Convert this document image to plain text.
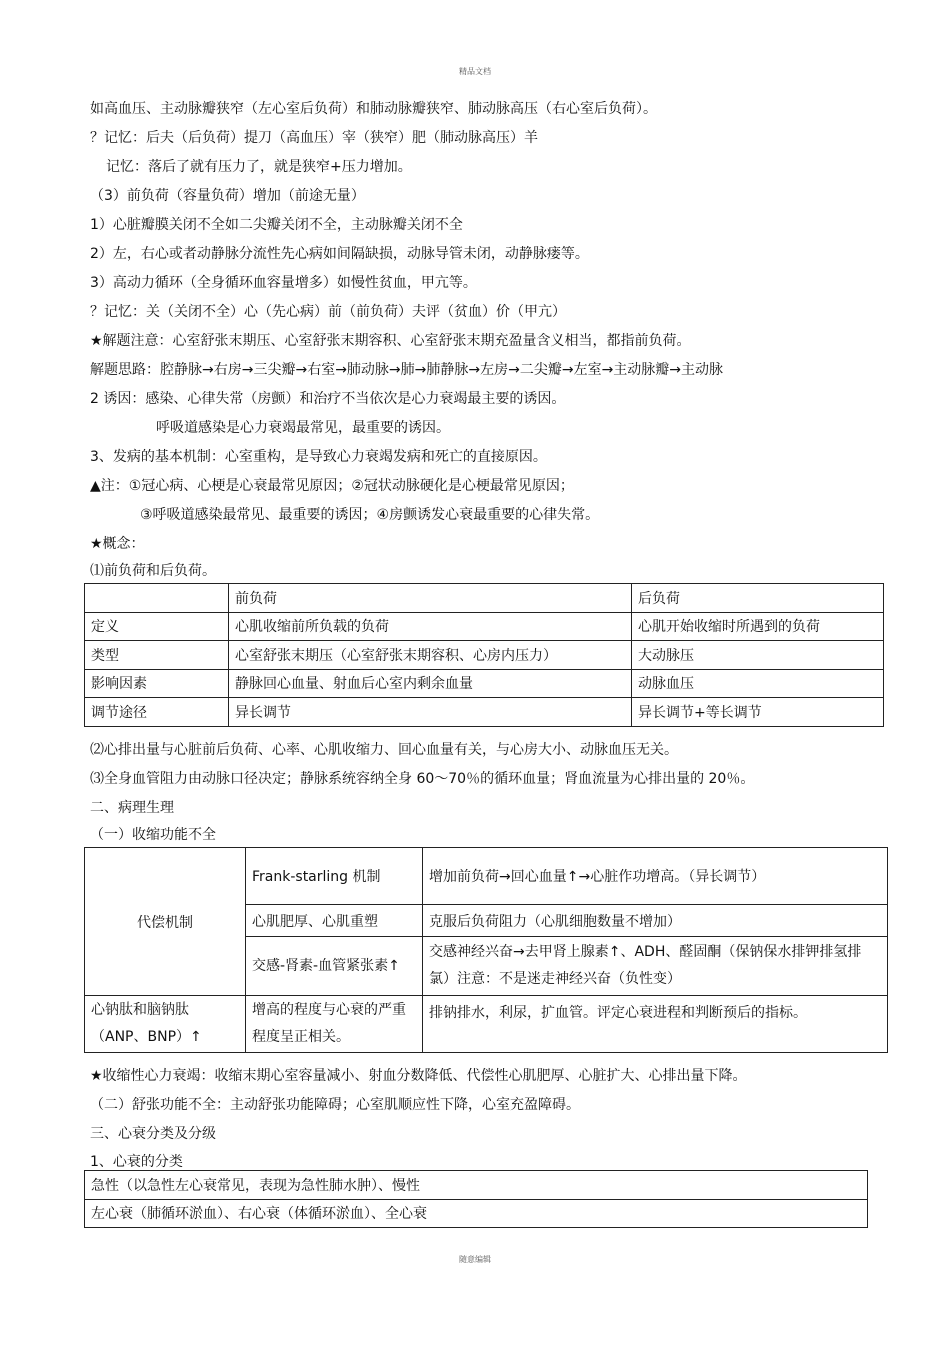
精品文档
如高血压、主动脉瓣狭窄（左心室后负荷）和肺动脉瓣狭窄、肺动脉高压（右心室后负荷）。
？记忆：后夫（后负荷）提刀（高血压）宰（狭窄）肥（肺动脉高压）羊
记忆：落后了就有压力了，就是狭窄+压力增加。
（3）前负荷（容量负荷）增加（前途无量）
1）心脏瓣膜关闭不全如二尖瓣关闭不全，主动脉瓣关闭不全
2）左，右心或者动静脉分流性先心病如间隔缺损，动脉导管未闭，动静脉瘘等。
3）高动力循环（全身循环血容量增多）如慢性贫血，甲亢等。
？记忆：关（关闭不全）心（先心病）前（前负荷）夫评（贫血）价（甲亢）
★解题注意：心室舒张末期压、心室舒张末期容积、心室舒张末期充盈量含义相当，都指前负荷。
解题思路：腔静脉→右房→三尖瓣→右室→肺动脉→肺→肺静脉→左房→二尖瓣→左室→主动脉瓣→主动脉
2 诱因：感染、心律失常（房颤）和治疗不当依次是心力衰竭最主要的诱因。
呼吸道感染是心力衰竭最常见，最重要的诱因。
3、发病的基本机制：心室重构，是导致心力衰竭发病和死亡的直接原因。
▲注：①冠心病、心梗是心衰最常见原因；②冠状动脉硬化是心梗最常见原因；
③呼吸道感染最常见、最重要的诱因；④房颤诱发心衰最重要的心律失常。
★概念：
⑴前负荷和后负荷。
	前负荷	后负荷
定义	心肌收缩前所负载的负荷	心肌开始收缩时所遇到的负荷
类型	心室舒张末期压（心室舒张末期容积、心房内压力）	大动脉压
影响因素	静脉回心血量、射血后心室内剩余血量	动脉血压
调节途径	异长调节	异长调节+等长调节
⑵心排出量与心脏前后负荷、心率、心肌收缩力、回心血量有关，与心房大小、动脉血压无关。
⑶全身血管阻力由动脉口径决定；静脉系统容纳全身 60～70％的循环血量；肾血流量为心排出量的 20％。
二、病理生理
（一）收缩功能不全
代偿机制	Frank-starling 机制	增加前负荷→回心血量↑→心脏作功增高。（异长调节）
	心肌肥厚、心肌重塑	克服后负荷阻力（心肌细胞数量不增加）
	交感-肾素-血管紧张素↑	交感神经兴奋→去甲肾上腺素↑、ADH、醛固酮（保钠保水排钾排氢排氯）注意：不是迷走神经兴奋（负性变）
心钠肽和脑钠肽（ANP、BNP）↑	增高的程度与心衰的严重程度呈正相关。	排钠排水，利尿，扩血管。评定心衰进程和判断预后的指标。
★收缩性心力衰竭：收缩末期心室容量减小、射血分数降低、代偿性心肌肥厚、心脏扩大、心排出量下降。
（二）舒张功能不全：主动舒张功能障碍；心室肌顺应性下降，心室充盈障碍。
三、心衰分类及分级
1、心衰的分类
急性（以急性左心衰常见，表现为急性肺水肿）、慢性
左心衰（肺循环淤血）、右心衰（体循环淤血）、全心衰
随意编辑
